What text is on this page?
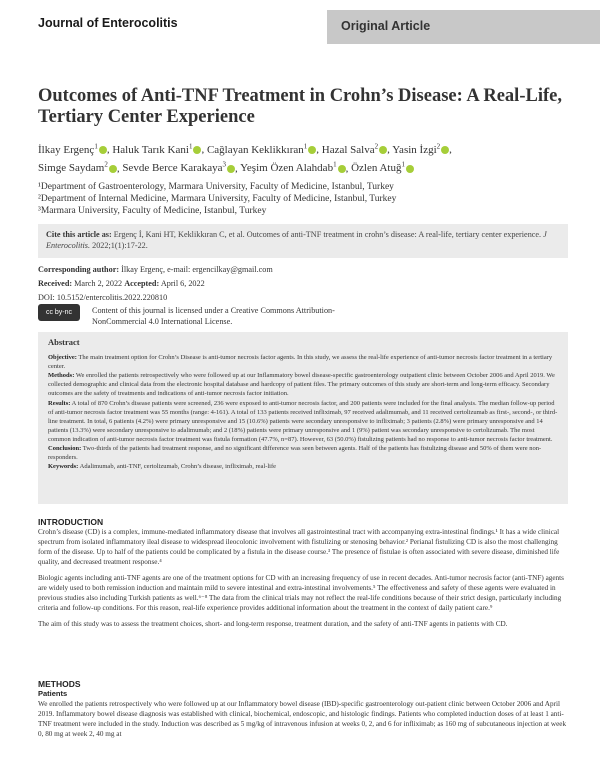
Journal of Enterocolitis	Original Article
Outcomes of Anti-TNF Treatment in Crohn’s Disease: A Real-Life, Tertiary Center Experience
İlkay Ergenç$^1$ , Haluk Tarık Kani$^1$ , Cağlayan Keklikkıran$^1$ , Hazal Salva$^2$ , Yasin İzgi$^2$ ,
Simge Saydam$^2$ , Sevde Berce Karakaya$^3$ , Yeşim Özen Alahdab$^1$ , Özlen Atuğ$^1$
¹Department of Gastroenterology, Marmara University, Faculty of Medicine, Istanbul, Turkey
²Department of Internal Medicine, Marmara University, Faculty of Medicine, Istanbul, Turkey
³Marmara University, Faculty of Medicine, Istanbul, Turkey
Cite this article as: Ergenç İ, Kani HT, Keklikkıran C, et al. Outcomes of anti-TNF treatment in crohn’s disease: A real-life, tertiary center experience. J Enterocolitis. 2022;1(1):17-22.
Corresponding author: İlkay Ergenç, e-mail: ergencilkay@gmail.com
Received: March 2, 2022 Accepted: April 6, 2022
DOI: 10.5152/entercolitis.2022.220810
cc by-nc	Content of this journal is licensed under a Creative Commons Attribution-NonCommercial 4.0 International License.
Abstract

Objective: The main treatment option for Crohn’s Disease is anti-tumor necrosis factor agents. In this study, we assess the real-life experience of anti-tumor necrosis factor treatment in a tertiary center.

Methods: We enrolled the patients retrospectively who were followed up at our Inflammatory bowel disease-specific gastroenterology outpatient clinic between October 2006 and April 2019. We collected demographic and clinical data from the electronic hospital database and hardcopy of patient files. The primary outcomes of this study are short-term and long-term efficacy. Secondary outcomes are the safety of treatments and indications of anti-tumor necrosis factor initiation.

Results: A total of 870 Crohn’s disease patients were screened, 236 were exposed to anti-tumor necrosis factor, and 200 patients were included for the final analysis. The median follow-up period of anti-tumor necrosis factor treatment was 55 months (range: 4-161). A total of 133 patients received infliximab, 97 received adalimumab, and 11 received certolizumab as first-, second-, or third-line treatment. In total, 6 patients (4.2%) were primary unresponsive and 15 (10.6%) patients were secondary unresponsive to infliximab; 3 patients (2.8%) were primary unresponsive and 14 patients (13.3%) were secondary unresponsive to adalimumab; and 2 (18%) patients were primary unresponsive and 1 (9%) patient was secondary unresponsive to certolizumab. The most common indication of anti-tumor necrosis factor treatment was fistula formation (47.7%, n=87). However, 63 (50.0%) fistulizing patients had no response to anti-tumor necrosis factor treatment.

Conclusion: Two-thirds of the patients had treatment response, and no significant difference was seen between agents. Half of the patients has fistulizing disease and 50% of them were non-responders.

Keywords: Adalimumab, anti-TNF, certolizumab, Crohn’s disease, infliximab, real-life

INTRODUCTION

Crohn’s disease (CD) is a complex, immune-mediated inflammatory disease that involves all gastrointestinal tract with accompanying extra-intestinal findings.¹ It has a wide clinical spectrum from isolated inflammatory ileal disease to widespread ileocolonic involvement with fistulizing or stenosing behavior.² Perianal fistulizing CD is also the most challenging form of the disease. Up to half of the patients could be complicated by a fistula in the disease course.³ The presence of fistulae is often associated with severe disease, diminished life quality, and decreased treatment response.⁴

Biologic agents including anti-TNF agents are one of the treatment options for CD with an increasing frequency of use in recent decades. Anti-tumor necrosis factor (anti-TNF) agents are widely used to both remission induction and maintain mild to severe intestinal and extra-intestinal involvements.⁵ The effectiveness and safety of these agents were evaluated in previous studies also including Turkish patients as well.⁶⁻⁸ The data from the clinical trials may not reflect the real-life conditions because of their strict design, particularly including criteria and follow-up conditions. For this reason, real-life experience provides additional information about the treatment in the context of daily patient care.⁹

The aim of this study was to assess the treatment choices, short- and long-term response, treatment duration, and the safety of anti-TNF agents in patients with CD.

METHODS
Patients

We enrolled the patients retrospectively who were followed up at our Inflammatory bowel disease (IBD)-specific gastroenterology out-patient clinic between October 2006 and April 2019. Inflammatory bowel disease diagnosis was established with clinical, biochemical, endoscopic, and histologic findings. Patients who completed induction doses of at least 1 anti-TNF treatment were included in the study. Induction was described as 5 mg/kg of intravenous infusion at weeks 0, 2, and 6 for infliximab; as 160 mg of subcutaneous injection at week 0, 80 mg at week 2, 40 mg at
